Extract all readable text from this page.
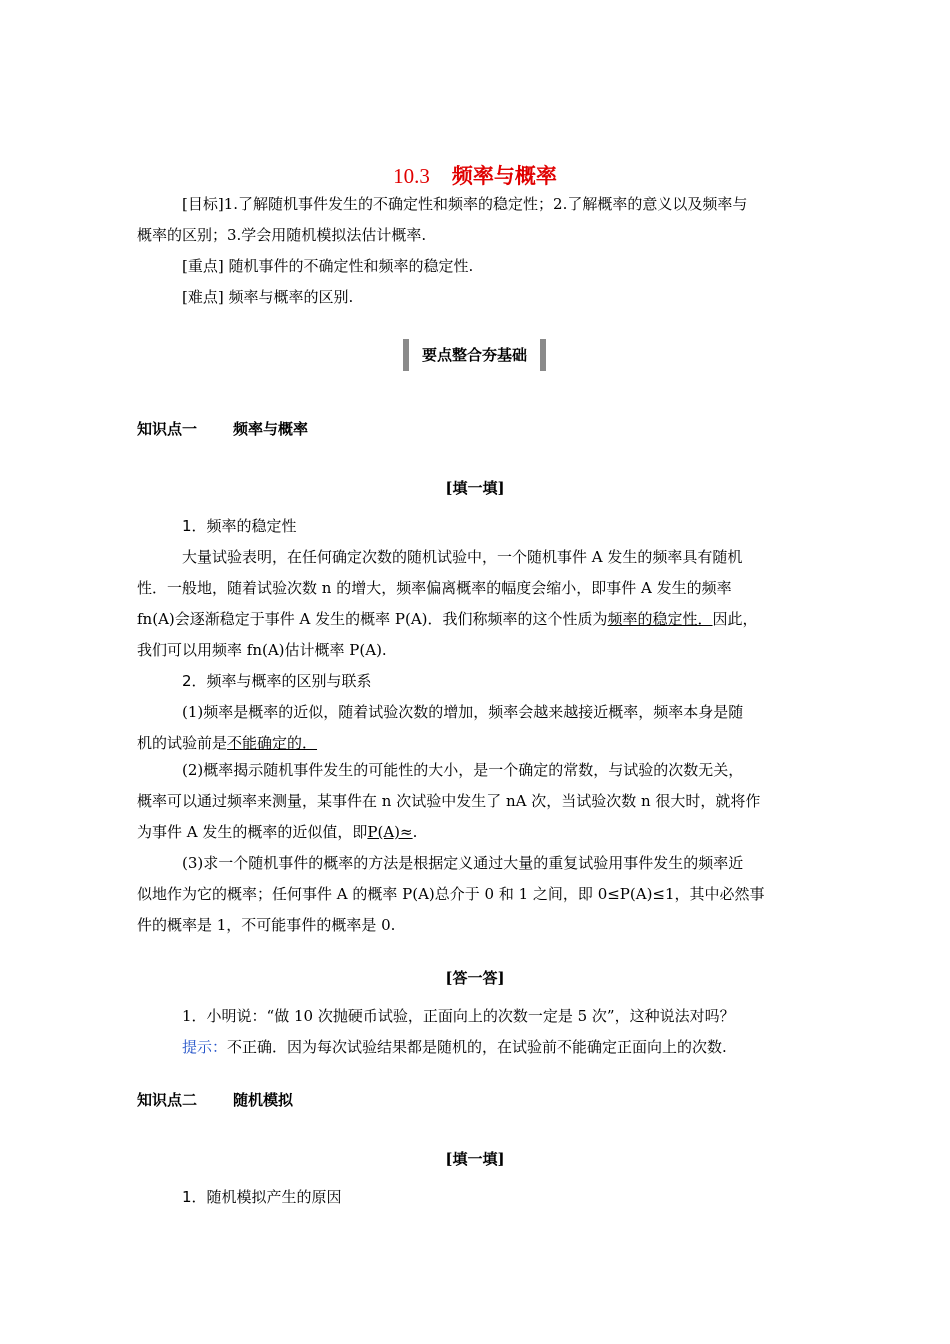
10.3 频率与概率
[目标]1.了解随机事件发生的不确定性和频率的稳定性；2.了解概率的意义以及频率与
概率的区别；3.学会用随机模拟法估计概率.
[重点] 随机事件的不确定性和频率的稳定性.
[难点] 频率与概率的区别.
要点整合夯基础
知识点一 频率与概率
[填一填]
1．频率的稳定性
大量试验表明，在任何确定次数的随机试验中，一个随机事件 A 发生的频率具有随机
性．一般地，随着试验次数 n 的增大，频率偏离概率的幅度会缩小，即事件 A 发生的频率
fn(A)会逐渐稳定于事件 A 发生的概率 P(A)．我们称频率的这个性质为频率的稳定性．因此，
我们可以用频率 fn(A)估计概率 P(A).
2．频率与概率的区别与联系
(1)频率是概率的近似，随着试验次数的增加，频率会越来越接近概率，频率本身是随
机的试验前是不能确定的．
(2)概率揭示随机事件发生的可能性的大小，是一个确定的常数，与试验的次数无关，
概率可以通过频率来测量，某事件在 n 次试验中发生了 nA 次，当试验次数 n 很大时，就将作
为事件 A 发生的概率的近似值，即P(A)≈.
(3)求一个随机事件的概率的方法是根据定义通过大量的重复试验用事件发生的频率近
似地作为它的概率；任何事件 A 的概率 P(A)总介于 0 和 1 之间，即 0≤P(A)≤1，其中必然事
件的概率是 1，不可能事件的概率是 0.
[答一答]
1．小明说：“做 10 次抛硬币试验，正面向上的次数一定是 5 次”，这种说法对吗？
提示：不正确．因为每次试验结果都是随机的，在试验前不能确定正面向上的次数.
知识点二 随机模拟
[填一填]
1．随机模拟产生的原因
